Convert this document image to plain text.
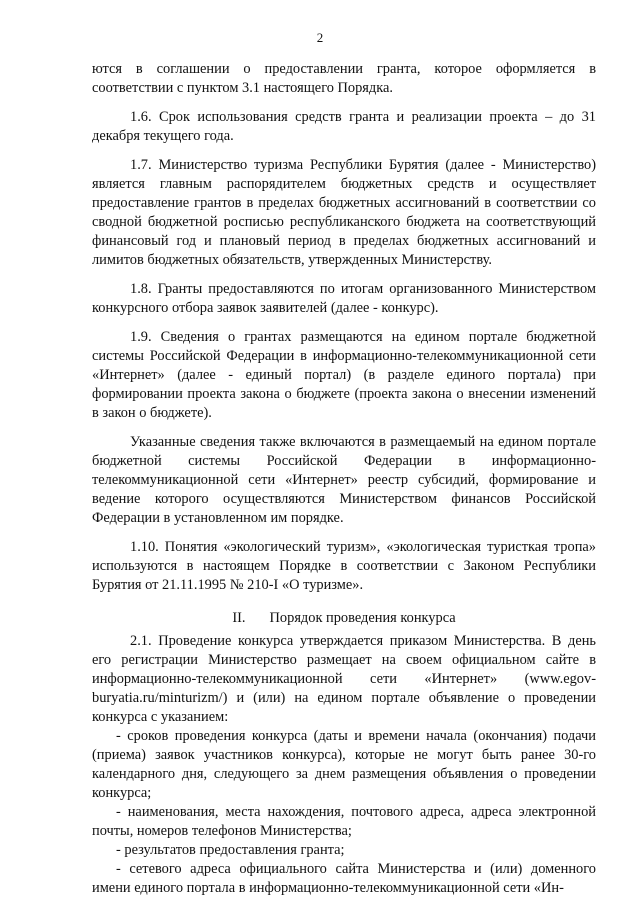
2

ются в соглашении о предоставлении гранта, которое оформляется в соответствии с пунктом 3.1 настоящего Порядка.

1.6. Срок использования средств гранта и реализации проекта – до 31 декабря текущего года.

1.7. Министерство туризма Республики Бурятия (далее - Министерство) является главным распорядителем бюджетных средств и осуществляет предоставление грантов в пределах бюджетных ассигнований в соответствии со сводной бюджетной росписью республиканского бюджета на соответствующий финансовый год и плановый период в пределах бюджетных ассигнований и лимитов бюджетных обязательств, утвержденных Министерству.

1.8. Гранты предоставляются по итогам организованного Министерством конкурсного отбора заявок заявителей (далее - конкурс).

1.9. Сведения о грантах размещаются на едином портале бюджетной системы Российской Федерации в информационно-телекоммуникационной сети «Интернет» (далее - единый портал) (в разделе единого портала) при формировании проекта закона о бюджете (проекта закона о внесении изменений в закон о бюджете).

Указанные сведения также включаются в размещаемый на едином портале бюджетной системы Российской Федерации в информационно-телекоммуникационной сети «Интернет» реестр субсидий, формирование и ведение которого осуществляются Министерством финансов Российской Федерации в установленном им порядке.

1.10. Понятия «экологический туризм», «экологическая туристкая тропа» используются в настоящем Порядке в соответствии с Законом Республики Бурятия от 21.11.1995 № 210-I «О туризме».

II. Порядок проведения конкурса

2.1. Проведение конкурса утверждается приказом Министерства. В день его регистрации Министерство размещает на своем официальном сайте в информационно-телекоммуникационной сети «Интернет» (www.egov-buryatia.ru/minturizm/) и (или) на едином портале объявление о проведении конкурса с указанием:

- сроков проведения конкурса (даты и времени начала (окончания) подачи (приема) заявок участников конкурса), которые не могут быть ранее 30-го календарного дня, следующего за днем размещения объявления о проведении конкурса;

- наименования, места нахождения, почтового адреса, адреса электронной почты, номеров телефонов Министерства;

- результатов предоставления гранта;

- сетевого адреса официального сайта Министерства и (или) доменного имени единого портала в информационно-телекоммуникационной сети «Ин-
